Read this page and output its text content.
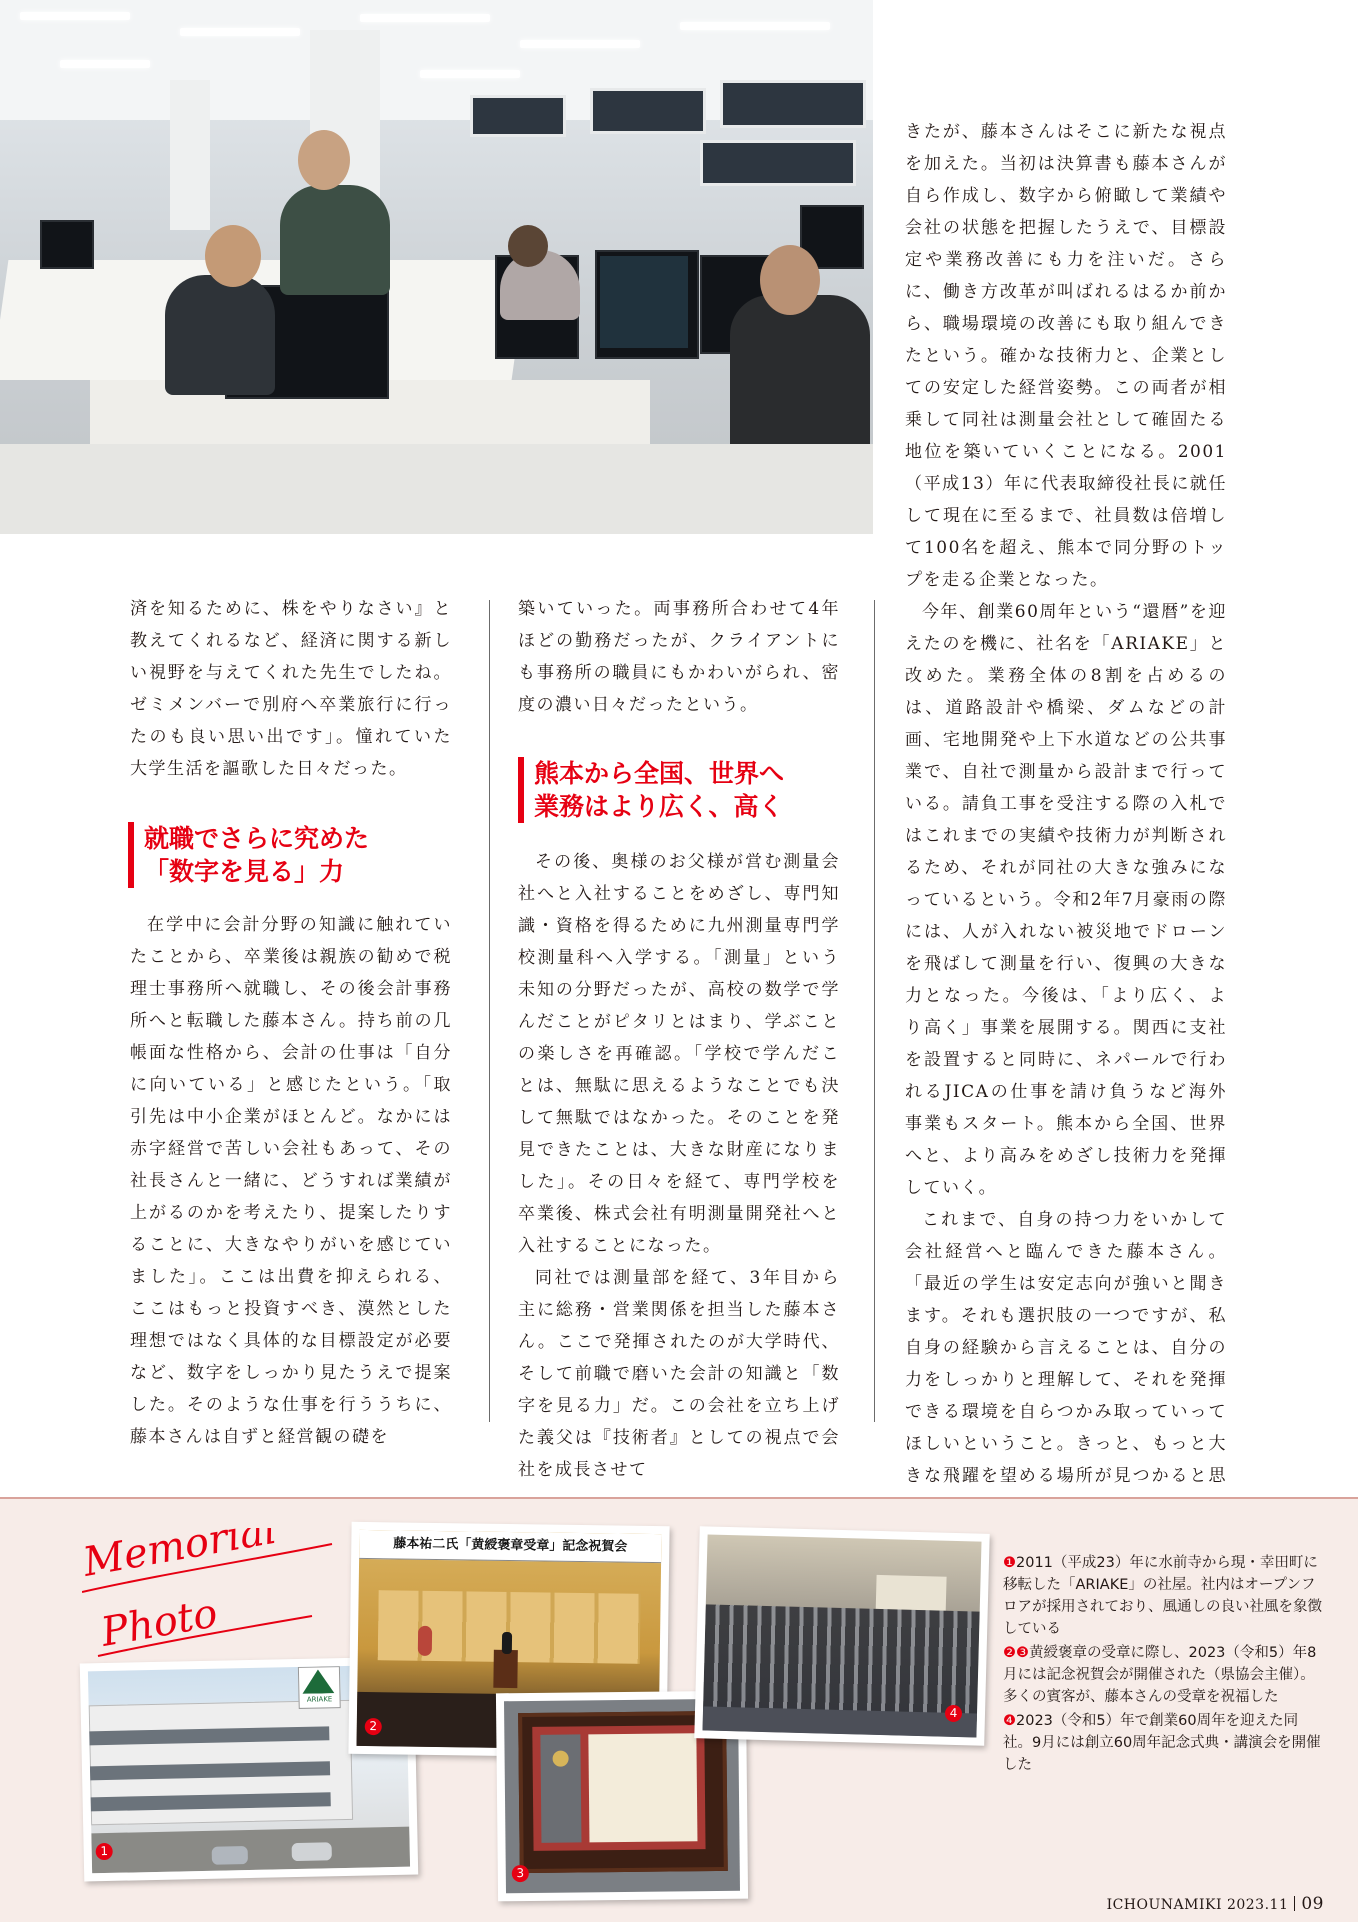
きたが、藤本さんはそこに新たな視点を加えた。当初は決算書も藤本さんが自ら作成し、数字から俯瞰して業績や会社の状態を把握したうえで、目標設定や業務改善にも力を注いだ。さらに、働き方改革が叫ばれるはるか前から、職場環境の改善にも取り組んできたという。確かな技術力と、企業としての安定した経営姿勢。この両者が相乗して同社は測量会社として確固たる地位を築いていくことになる。2001（平成13）年に代表取締役社長に就任して現在に至るまで、社員数は倍増して100名を超え、熊本で同分野のトップを走る企業となった。

今年、創業60周年という“還暦”を迎えたのを機に、社名を「ARIAKE」と改めた。業務全体の8割を占めるのは、道路設計や橋梁、ダムなどの計画、宅地開発や上下水道などの公共事業で、自社で測量から設計まで行っている。請負工事を受注する際の入札ではこれまでの実績や技術力が判断されるため、それが同社の大きな強みになっているという。令和2年7月豪雨の際には、人が入れない被災地でドローンを飛ばして測量を行い、復興の大きな力となった。今後は、「より広く、より高く」事業を展開する。関西に支社を設置すると同時に、ネパールで行われるJICAの仕事を請け負うなど海外事業もスタート。熊本から全国、世界へと、より高みをめざし技術力を発揮していく。

これまで、自身の持つ力をいかして会社経営へと臨んできた藤本さん。「最近の学生は安定志向が強いと聞きます。それも選択肢の一つですが、私自身の経験から言えることは、自分の力をしっかりと理解して、それを発揮できる環境を自らつかみ取っていってほしいということ。きっと、もっと大きな飛躍を望める場所が見つかると思

済を知るために、株をやりなさい』と教えてくれるなど、経済に関する新しい視野を与えてくれた先生でしたね。ゼミメンバーで別府へ卒業旅行に行ったのも良い思い出です」。憧れていた大学生活を謳歌した日々だった。

就職でさらに究めた
「数字を見る」力

在学中に会計分野の知識に触れていたことから、卒業後は親族の勧めで税理士事務所へ就職し、その後会計事務所へと転職した藤本さん。持ち前の几帳面な性格から、会計の仕事は「自分に向いている」と感じたという。「取引先は中小企業がほとんど。なかには赤字経営で苦しい会社もあって、その社長さんと一緒に、どうすれば業績が上がるのかを考えたり、提案したりすることに、大きなやりがいを感じていました」。ここは出費を抑えられる、ここはもっと投資すべき、漠然とした理想ではなく具体的な目標設定が必要など、数字をしっかり見たうえで提案した。そのような仕事を行ううちに、藤本さんは自ずと経営観の礎を

築いていった。両事務所合わせて4年ほどの勤務だったが、クライアントにも事務所の職員にもかわいがられ、密度の濃い日々だったという。

熊本から全国、世界へ
業務はより広く、高く

その後、奥様のお父様が営む測量会社へと入社することをめざし、専門知識・資格を得るために九州測量専門学校測量科へ入学する。「測量」という未知の分野だったが、高校の数学で学んだことがピタリとはまり、学ぶことの楽しさを再確認。「学校で学んだことは、無駄に思えるようなことでも決して無駄ではなかった。そのことを発見できたことは、大きな財産になりました」。その日々を経て、専門学校を卒業後、株式会社有明測量開発社へと入社することになった。

同社では測量部を経て、3年目から主に総務・営業関係を担当した藤本さん。ここで発揮されたのが大学時代、そして前職で磨いた会計の知識と「数字を見る力」だ。この会社を立ち上げた義父は『技術者』としての視点で会社を成長させて

Memorial
Photo
ARIAKE
1
藤本祐二氏「黄綬褒章受章」記念祝賀会
2
3
4
❶2011（平成23）年に水前寺から現・幸田町に移転した「ARIAKE」の社屋。社内はオープンフロアが採用されており、風通しの良い社風を象徴している
❷❸黄綬褒章の受章に際し、2023（令和5）年8月には記念祝賀会が開催された（県協会主催）。多くの賓客が、藤本さんの受章を祝福した
❹2023（令和5）年で創業60周年を迎えた同社。9月には創立60周年記念式典・講演会を開催した
ICHOUNAMIKI 2023.11 09
